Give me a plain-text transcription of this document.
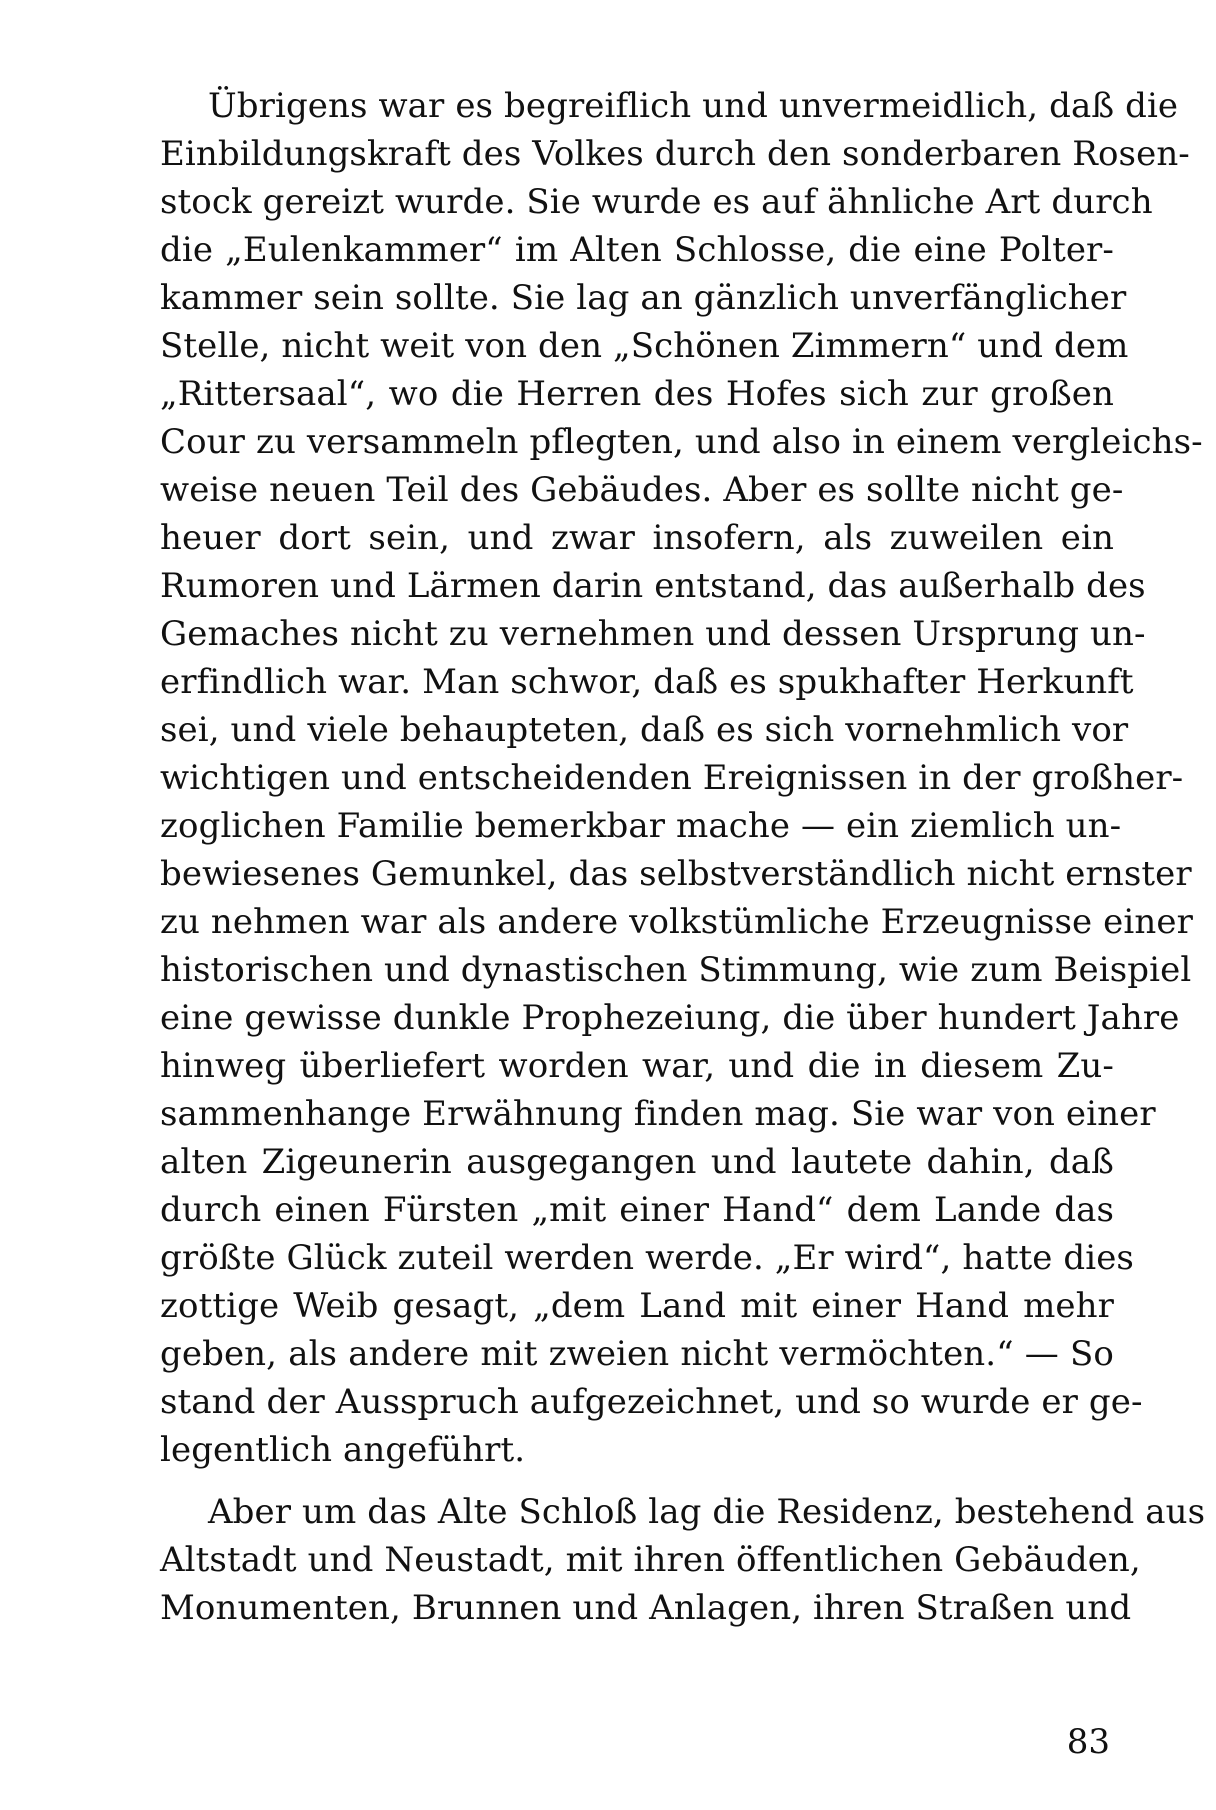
Übrigens war es begreiflich und unvermeidlich, daß die
Einbildungskraft des Volkes durch den sonderbaren Rosen-
stock gereizt wurde. Sie wurde es auf ähnliche Art durch
die „Eulenkammer“ im Alten Schlosse, die eine Polter-
kammer sein sollte. Sie lag an gänzlich unverfänglicher
Stelle, nicht weit von den „Schönen Zimmern“ und dem
„Rittersaal“, wo die Herren des Hofes sich zur großen
Cour zu versammeln pflegten, und also in einem vergleichs-
weise neuen Teil des Gebäudes. Aber es sollte nicht ge-
heuer dort sein, und zwar insofern, als zuweilen ein
Rumoren und Lärmen darin entstand, das außerhalb des
Gemaches nicht zu vernehmen und dessen Ursprung un-
erfindlich war. Man schwor, daß es spukhafter Herkunft
sei, und viele behaupteten, daß es sich vornehmlich vor
wichtigen und entscheidenden Ereignissen in der großher-
zoglichen Familie bemerkbar mache — ein ziemlich un-
bewiesenes Gemunkel, das selbstverständlich nicht ernster
zu nehmen war als andere volkstümliche Erzeugnisse einer
historischen und dynastischen Stimmung, wie zum Beispiel
eine gewisse dunkle Prophezeiung, die über hundert Jahre
hinweg überliefert worden war, und die in diesem Zu-
sammenhange Erwähnung finden mag. Sie war von einer
alten Zigeunerin ausgegangen und lautete dahin, daß
durch einen Fürsten „mit einer Hand“ dem Lande das
größte Glück zuteil werden werde. „Er wird“, hatte dies
zottige Weib gesagt, „dem Land mit einer Hand mehr
geben, als andere mit zweien nicht vermöchten.“ — So
stand der Ausspruch aufgezeichnet, und so wurde er ge-
legentlich angeführt.
Aber um das Alte Schloß lag die Residenz, bestehend aus
Altstadt und Neustadt, mit ihren öffentlichen Gebäuden,
Monumenten, Brunnen und Anlagen, ihren Straßen und
83
